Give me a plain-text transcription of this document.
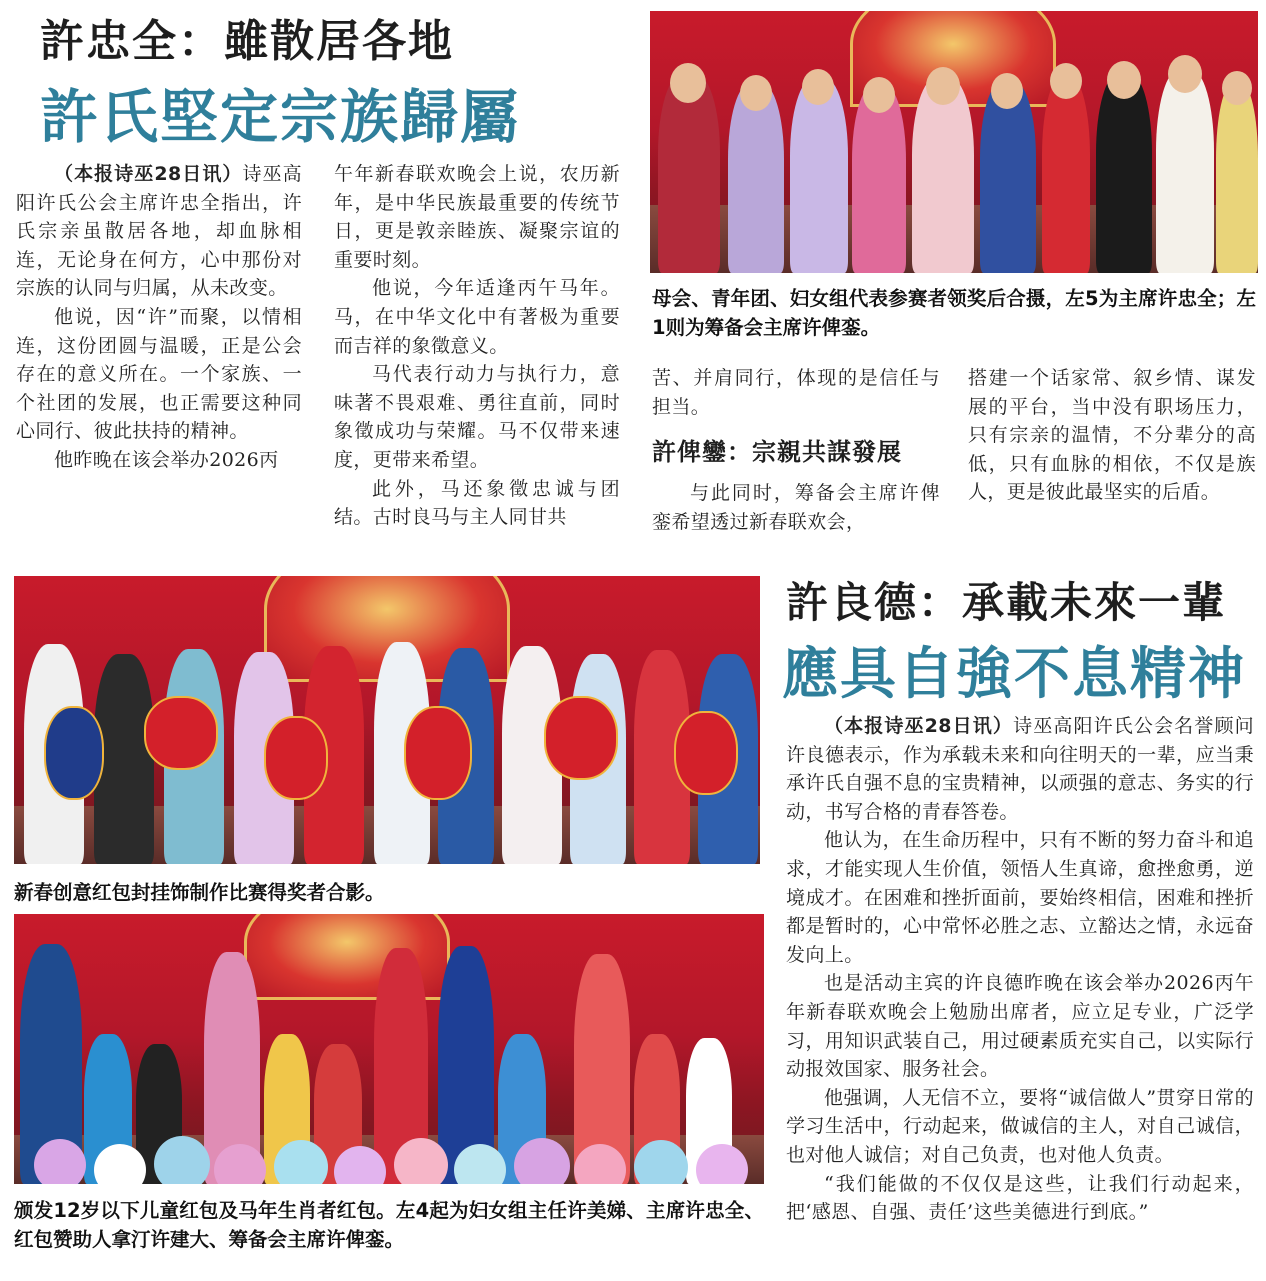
許忠全：雖散居各地
許氏堅定宗族歸屬

（本报诗巫28日讯）诗巫高阳许氏公会主席许忠全指出，许氏宗亲虽散居各地，却血脉相连，无论身在何方，心中那份对宗族的认同与归属，从未改变。

他说，因“许”而聚，以情相连，这份团圆与温暖，正是公会存在的意义所在。一个家族、一个社团的发展，也正需要这种同心同行、彼此扶持的精神。

他昨晚在该会举办2026丙

午年新春联欢晚会上说，农历新年，是中华民族最重要的传统节日，更是敦亲睦族、凝聚宗谊的重要时刻。

他说，今年适逢丙午马年。马，在中华文化中有著极为重要而吉祥的象徵意义。

马代表行动力与执行力，意味著不畏艰难、勇往直前，同时象徵成功与荣耀。马不仅带来速度，更带来希望。

此外，马还象徵忠诚与团结。古时良马与主人同甘共

母会、青年团、妇女组代表参赛者领奖后合摄，左5为主席许忠全；左1则为筹备会主席许俾銮。

苦、并肩同行，体现的是信任与担当。

許俾鑾：宗親共謀發展

与此同时，筹备会主席许俾銮希望透过新春联欢会，

搭建一个话家常、叙乡情、谋发展的平台，当中没有职场压力，只有宗亲的温情，不分辈分的高低，只有血脉的相依，不仅是族人，更是彼此最坚实的后盾。

新春创意红包封挂饰制作比赛得奖者合影。

颁发12岁以下儿童红包及马年生肖者红包。左4起为妇女组主任许美娣、主席许忠全、红包赞助人拿汀许建大、筹备会主席许俾銮。

許良德：承載未來一輩
應具自強不息精神

（本报诗巫28日讯）诗巫高阳许氏公会名誉顾问许良德表示，作为承载未来和向往明天的一辈，应当秉承许氏自强不息的宝贵精神，以顽强的意志、务实的行动，书写合格的青春答卷。

他认为，在生命历程中，只有不断的努力奋斗和追求，才能实现人生价值，领悟人生真谛，愈挫愈勇，逆境成才。在困难和挫折面前，要始终相信，困难和挫折都是暂时的，心中常怀必胜之志、立豁达之情，永远奋发向上。

也是活动主宾的许良德昨晚在该会举办2026丙午年新春联欢晚会上勉励出席者，应立足专业，广泛学习，用知识武装自己，用过硬素质充实自己，以实际行动报效国家、服务社会。

他强调，人无信不立，要将“诚信做人”贯穿日常的学习生活中，行动起来，做诚信的主人，对自己诚信，也对他人诚信；对自己负责，也对他人负责。

“我们能做的不仅仅是这些，让我们行动起来，把‘感恩、自强、责任’这些美德进行到底。”
